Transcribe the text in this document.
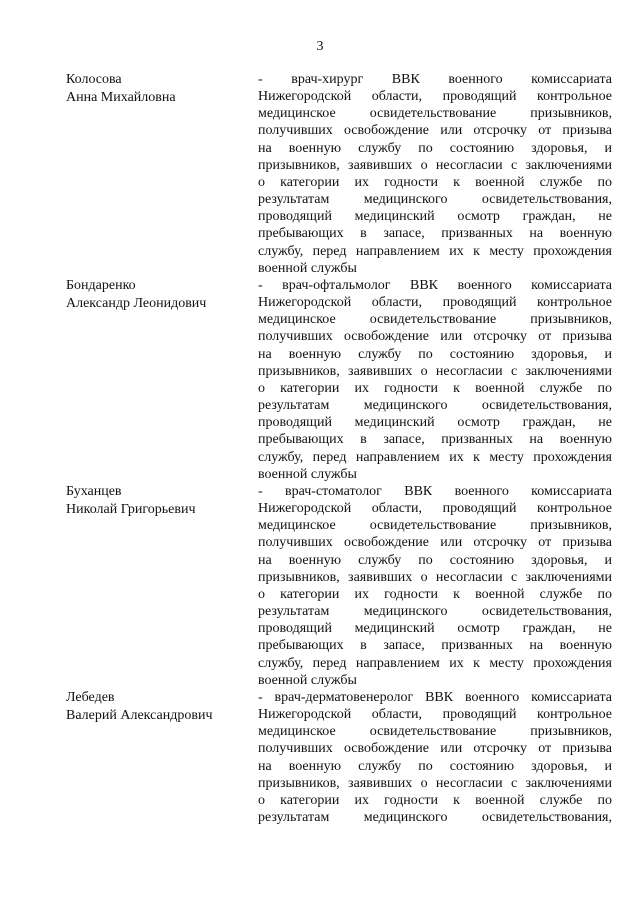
3
Колосова
Анна Михайловна
- врач-хирург ВВК военного комиссариата
Нижегородской области, проводящий контрольное
медицинское освидетельствование призывников,
получивших освобождение или отсрочку от призыва
на военную службу по состоянию здоровья, и
призывников, заявивших о несогласии с заключениями
о категории их годности к военной службе по
результатам медицинского освидетельствования,
проводящий медицинский осмотр граждан, не
пребывающих в запасе, призванных на военную
службу, перед направлением их к месту прохождения
военной службы
Бондаренко
Александр Леонидович
- врач-офтальмолог ВВК военного комиссариата
Нижегородской области, проводящий контрольное
медицинское освидетельствование призывников,
получивших освобождение или отсрочку от призыва
на военную службу по состоянию здоровья, и
призывников, заявивших о несогласии с заключениями
о категории их годности к военной службе по
результатам медицинского освидетельствования,
проводящий медицинский осмотр граждан, не
пребывающих в запасе, призванных на военную
службу, перед направлением их к месту прохождения
военной службы
Буханцев
Николай Григорьевич
- врач-стоматолог ВВК военного комиссариата
Нижегородской области, проводящий контрольное
медицинское освидетельствование призывников,
получивших освобождение или отсрочку от призыва
на военную службу по состоянию здоровья, и
призывников, заявивших о несогласии с заключениями
о категории их годности к военной службе по
результатам медицинского освидетельствования,
проводящий медицинский осмотр граждан, не
пребывающих в запасе, призванных на военную
службу, перед направлением их к месту прохождения
военной службы
Лебедев
Валерий Александрович
- врач-дерматовенеролог ВВК военного комиссариата
Нижегородской области, проводящий контрольное
медицинское освидетельствование призывников,
получивших освобождение или отсрочку от призыва
на военную службу по состоянию здоровья, и
призывников, заявивших о несогласии с заключениями
о категории их годности к военной службе по
результатам медицинского освидетельствования,
